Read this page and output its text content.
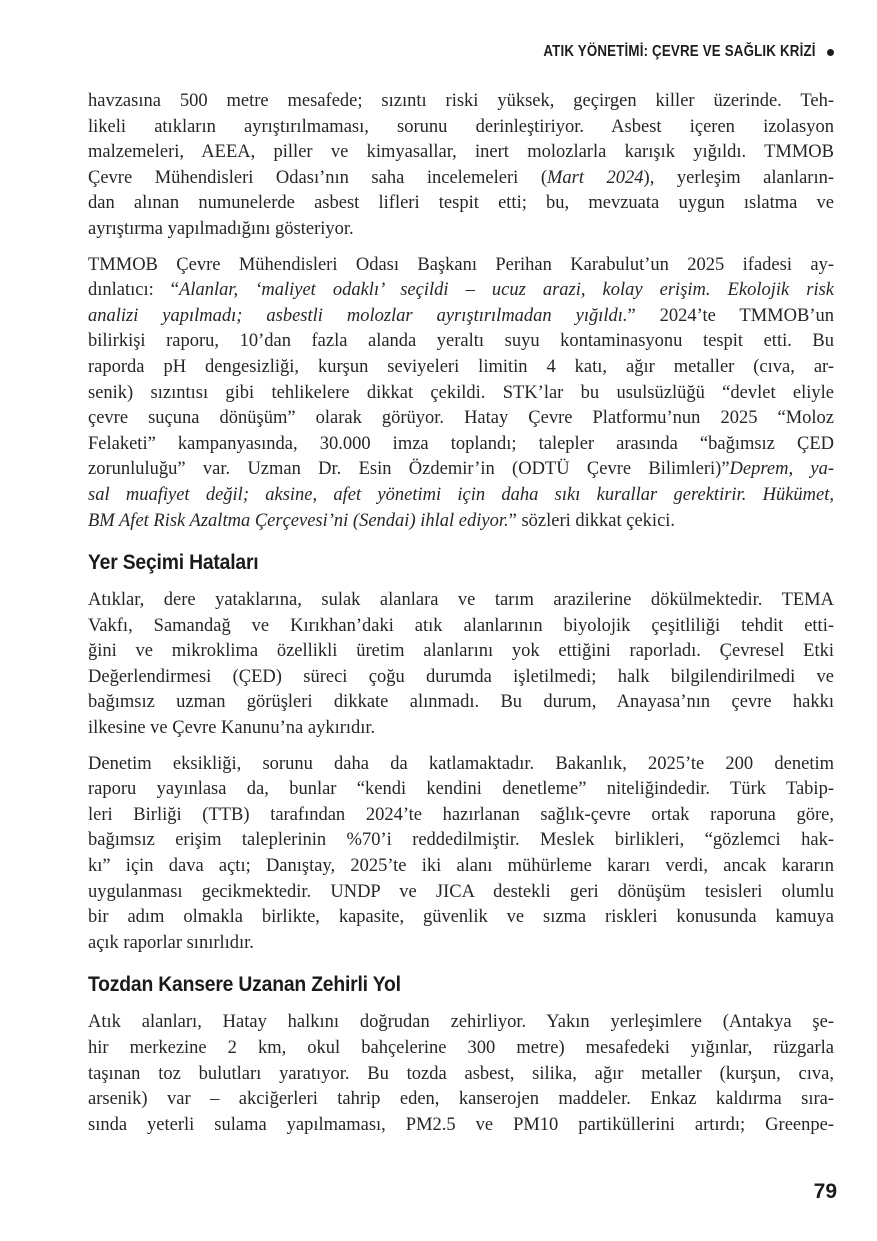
ATIK YÖNETİMİ: ÇEVRE VE SAĞLIK KRİZİ
havzasına 500 metre mesafede; sızıntı riski yüksek, geçirgen killer üzerinde. Teh-
likeli atıkların ayrıştırılmaması, sorunu derinleştiriyor. Asbest içeren izolasyon
malzemeleri, AEEA, piller ve kimyasallar, inert molozlarla karışık yığıldı. TMMOB
Çevre Mühendisleri Odası’nın saha incelemeleri (Mart 2024), yerleşim alanların-
dan alınan numunelerde asbest lifleri tespit etti; bu, mevzuata uygun ıslatma ve
ayrıştırma yapılmadığını gösteriyor.
TMMOB Çevre Mühendisleri Odası Başkanı Perihan Karabulut’un 2025 ifadesi ay-
dınlatıcı: “Alanlar, ‘maliyet odaklı’ seçildi – ucuz arazi, kolay erişim. Ekolojik risk
analizi yapılmadı; asbestli molozlar ayrıştırılmadan yığıldı.” 2024’te TMMOB’un
bilirkişi raporu, 10’dan fazla alanda yeraltı suyu kontaminasyonu tespit etti. Bu
raporda pH dengesizliği, kurşun seviyeleri limitin 4 katı, ağır metaller (cıva, ar-
senik) sızıntısı gibi tehlikelere dikkat çekildi. STK’lar bu usulsüzlüğü “devlet eliyle
çevre suçuna dönüşüm” olarak görüyor. Hatay Çevre Platformu’nun 2025 “Moloz
Felaketi” kampanyasında, 30.000 imza toplandı; talepler arasında “bağımsız ÇED
zorunluluğu” var. Uzman Dr. Esin Özdemir’in (ODTÜ Çevre Bilimleri)”Deprem, ya-
sal muafiyet değil; aksine, afet yönetimi için daha sıkı kurallar gerektirir. Hükümet,
BM Afet Risk Azaltma Çerçevesi’ni (Sendai) ihlal ediyor.” sözleri dikkat çekici.
Yer Seçimi Hataları
Atıklar, dere yataklarına, sulak alanlara ve tarım arazilerine dökülmektedir. TEMA
Vakfı, Samandağ ve Kırıkhan’daki atık alanlarının biyolojik çeşitliliği tehdit etti-
ğini ve mikroklima özellikli üretim alanlarını yok ettiğini raporladı. Çevresel Etki
Değerlendirmesi (ÇED) süreci çoğu durumda işletilmedi; halk bilgilendirilmedi ve
bağımsız uzman görüşleri dikkate alınmadı. Bu durum, Anayasa’nın çevre hakkı
ilkesine ve Çevre Kanunu’na aykırıdır.
Denetim eksikliği, sorunu daha da katlamaktadır. Bakanlık, 2025’te 200 denetim
raporu yayınlasa da, bunlar “kendi kendini denetleme” niteliğindedir. Türk Tabip-
leri Birliği (TTB) tarafından 2024’te hazırlanan sağlık-çevre ortak raporuna göre,
bağımsız erişim taleplerinin %70’i reddedilmiştir. Meslek birlikleri, “gözlemci hak-
kı” için dava açtı; Danıştay, 2025’te iki alanı mühürleme kararı verdi, ancak kararın
uygulanması gecikmektedir. UNDP ve JICA destekli geri dönüşüm tesisleri olumlu
bir adım olmakla birlikte, kapasite, güvenlik ve sızma riskleri konusunda kamuya
açık raporlar sınırlıdır.
Tozdan Kansere Uzanan Zehirli Yol
Atık alanları, Hatay halkını doğrudan zehirliyor. Yakın yerleşimlere (Antakya şe-
hir merkezine 2 km, okul bahçelerine 300 metre) mesafedeki yığınlar, rüzgarla
taşınan toz bulutları yaratıyor. Bu tozda asbest, silika, ağır metaller (kurşun, cıva,
arsenik) var – akciğerleri tahrip eden, kanserojen maddeler. Enkaz kaldırma sıra-
sında yeterli sulama yapılmaması, PM2.5 ve PM10 partiküllerini artırdı; Greenpe-
79
